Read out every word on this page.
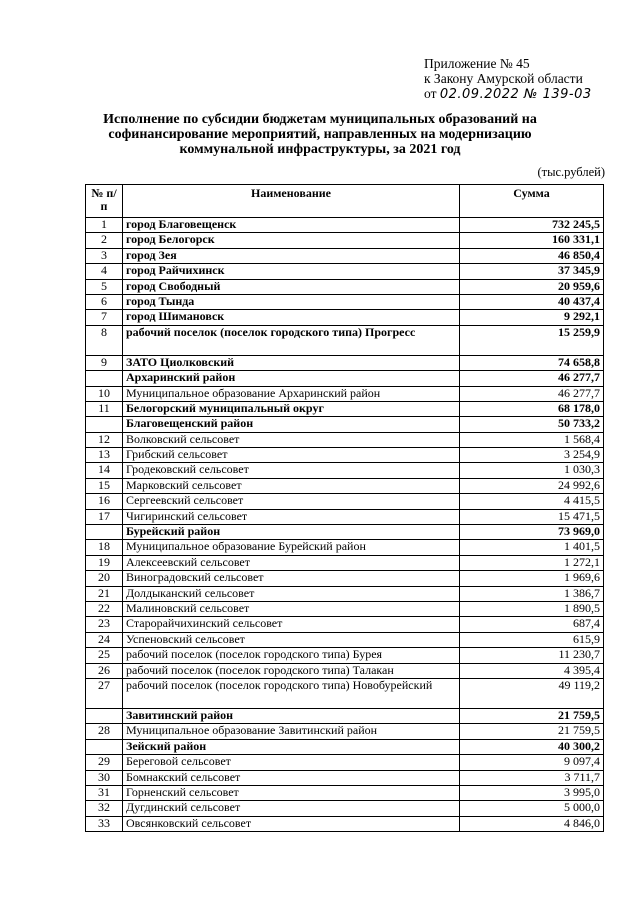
Приложение № 45
к Закону Амурской области
от 02.09.2022 № 139-03
Исполнение по субсидии бюджетам муниципальных образований на софинансирование мероприятий, направленных на модернизацию коммунальной инфраструктуры, за 2021 год
(тыс.рублей)
№ п/п	Наименование	Сумма
1	город Благовещенск	732 245,5
2	город Белогорск	160 331,1
3	город Зея	46 850,4
4	город Райчихинск	37 345,9
5	город Свободный	20 959,6
6	город Тында	40 437,4
7	город Шимановск	9 292,1
8	рабочий поселок (поселок городского типа) Прогресс	15 259,9
9	ЗАТО Циолковский	74 658,8
	Архаринский район	46 277,7
10	Муниципальное образование Архаринский район	46 277,7
11	Белогорский муниципальный округ	68 178,0
	Благовещенский район	50 733,2
12	Волковский сельсовет	1 568,4
13	Грибский сельсовет	3 254,9
14	Гродековский сельсовет	1 030,3
15	Марковский сельсовет	24 992,6
16	Сергеевский сельсовет	4 415,5
17	Чигиринский сельсовет	15 471,5
	Бурейский район	73 969,0
18	Муниципальное образование Бурейский район	1 401,5
19	Алексеевский сельсовет	1 272,1
20	Виноградовский сельсовет	1 969,6
21	Долдыканский сельсовет	1 386,7
22	Малиновский сельсовет	1 890,5
23	Старорайчихинский сельсовет	687,4
24	Успеновский сельсовет	615,9
25	рабочий поселок (поселок городского типа) Бурея	11 230,7
26	рабочий поселок (поселок городского типа) Талакан	4 395,4
27	рабочий поселок (поселок городского типа) Новобурейский	49 119,2
	Завитинский район	21 759,5
28	Муниципальное образование Завитинский район	21 759,5
	Зейский район	40 300,2
29	Береговой сельсовет	9 097,4
30	Бомнакский сельсовет	3 711,7
31	Горненский сельсовет	3 995,0
32	Дугдинский сельсовет	5 000,0
33	Овсянковский сельсовет	4 846,0
